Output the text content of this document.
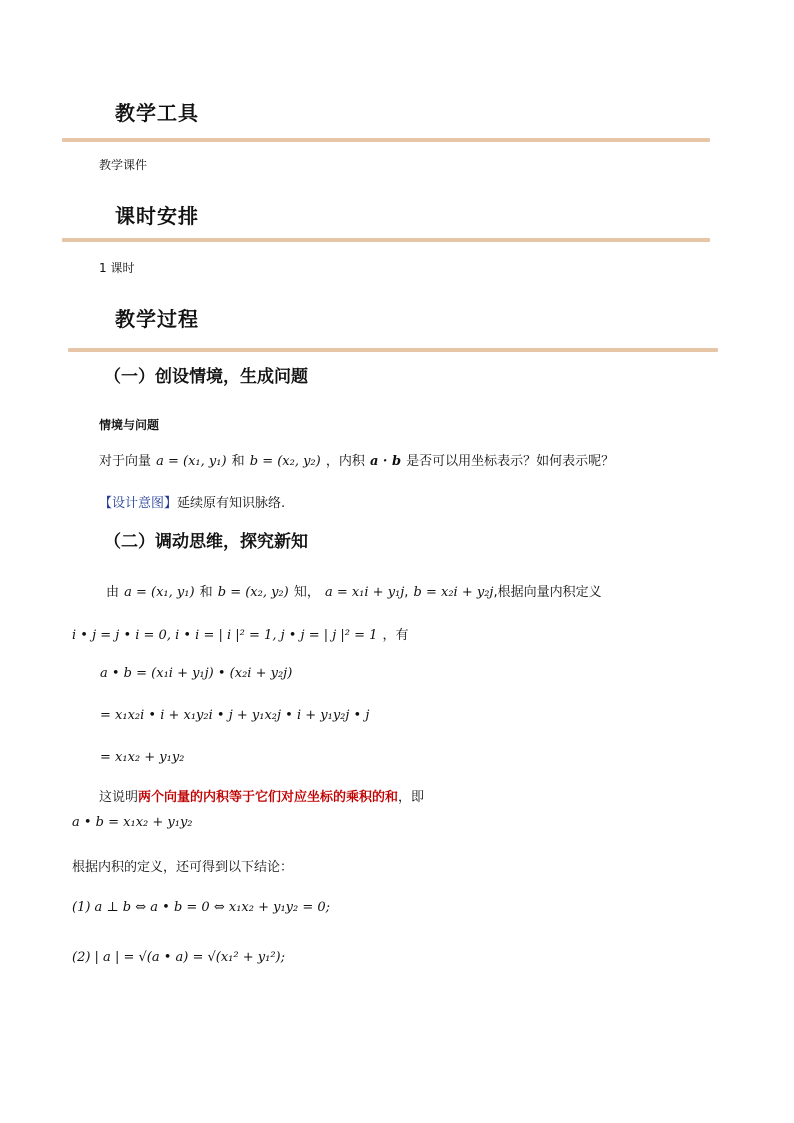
教学工具
教学课件
课时安排
1 课时
教学过程
（一）创设情境，生成问题
情境与问题
对于向量 a = (x₁, y₁) 和 b = (x₂, y₂) ，内积 a · b 是否可以用坐标表示？如何表示呢？
【设计意图】延续原有知识脉络.
（二）调动思维，探究新知
由 a = (x₁, y₁) 和 b = (x₂, y₂) 知， a = x₁i + y₁j, b = x₂i + y₂j,根据向量内积定义
i • j = j • i = 0, i • i = | i |² = 1, j • j = | j |² = 1 ，有
a • b = (x₁i + y₁j) • (x₂i + y₂j)
= x₁x₂i • i + x₁y₂i • j + y₁x₂j • i + y₁y₂j • j
= x₁x₂ + y₁y₂
这说明两个向量的内积等于它们对应坐标的乘积的和，即
a • b = x₁x₂ + y₁y₂
根据内积的定义，还可得到以下结论：
(1) a ⊥ b ⇔ a • b = 0 ⇔ x₁x₂ + y₁y₂ = 0;
(2) | a | = √(a • a) = √(x₁² + y₁²);
